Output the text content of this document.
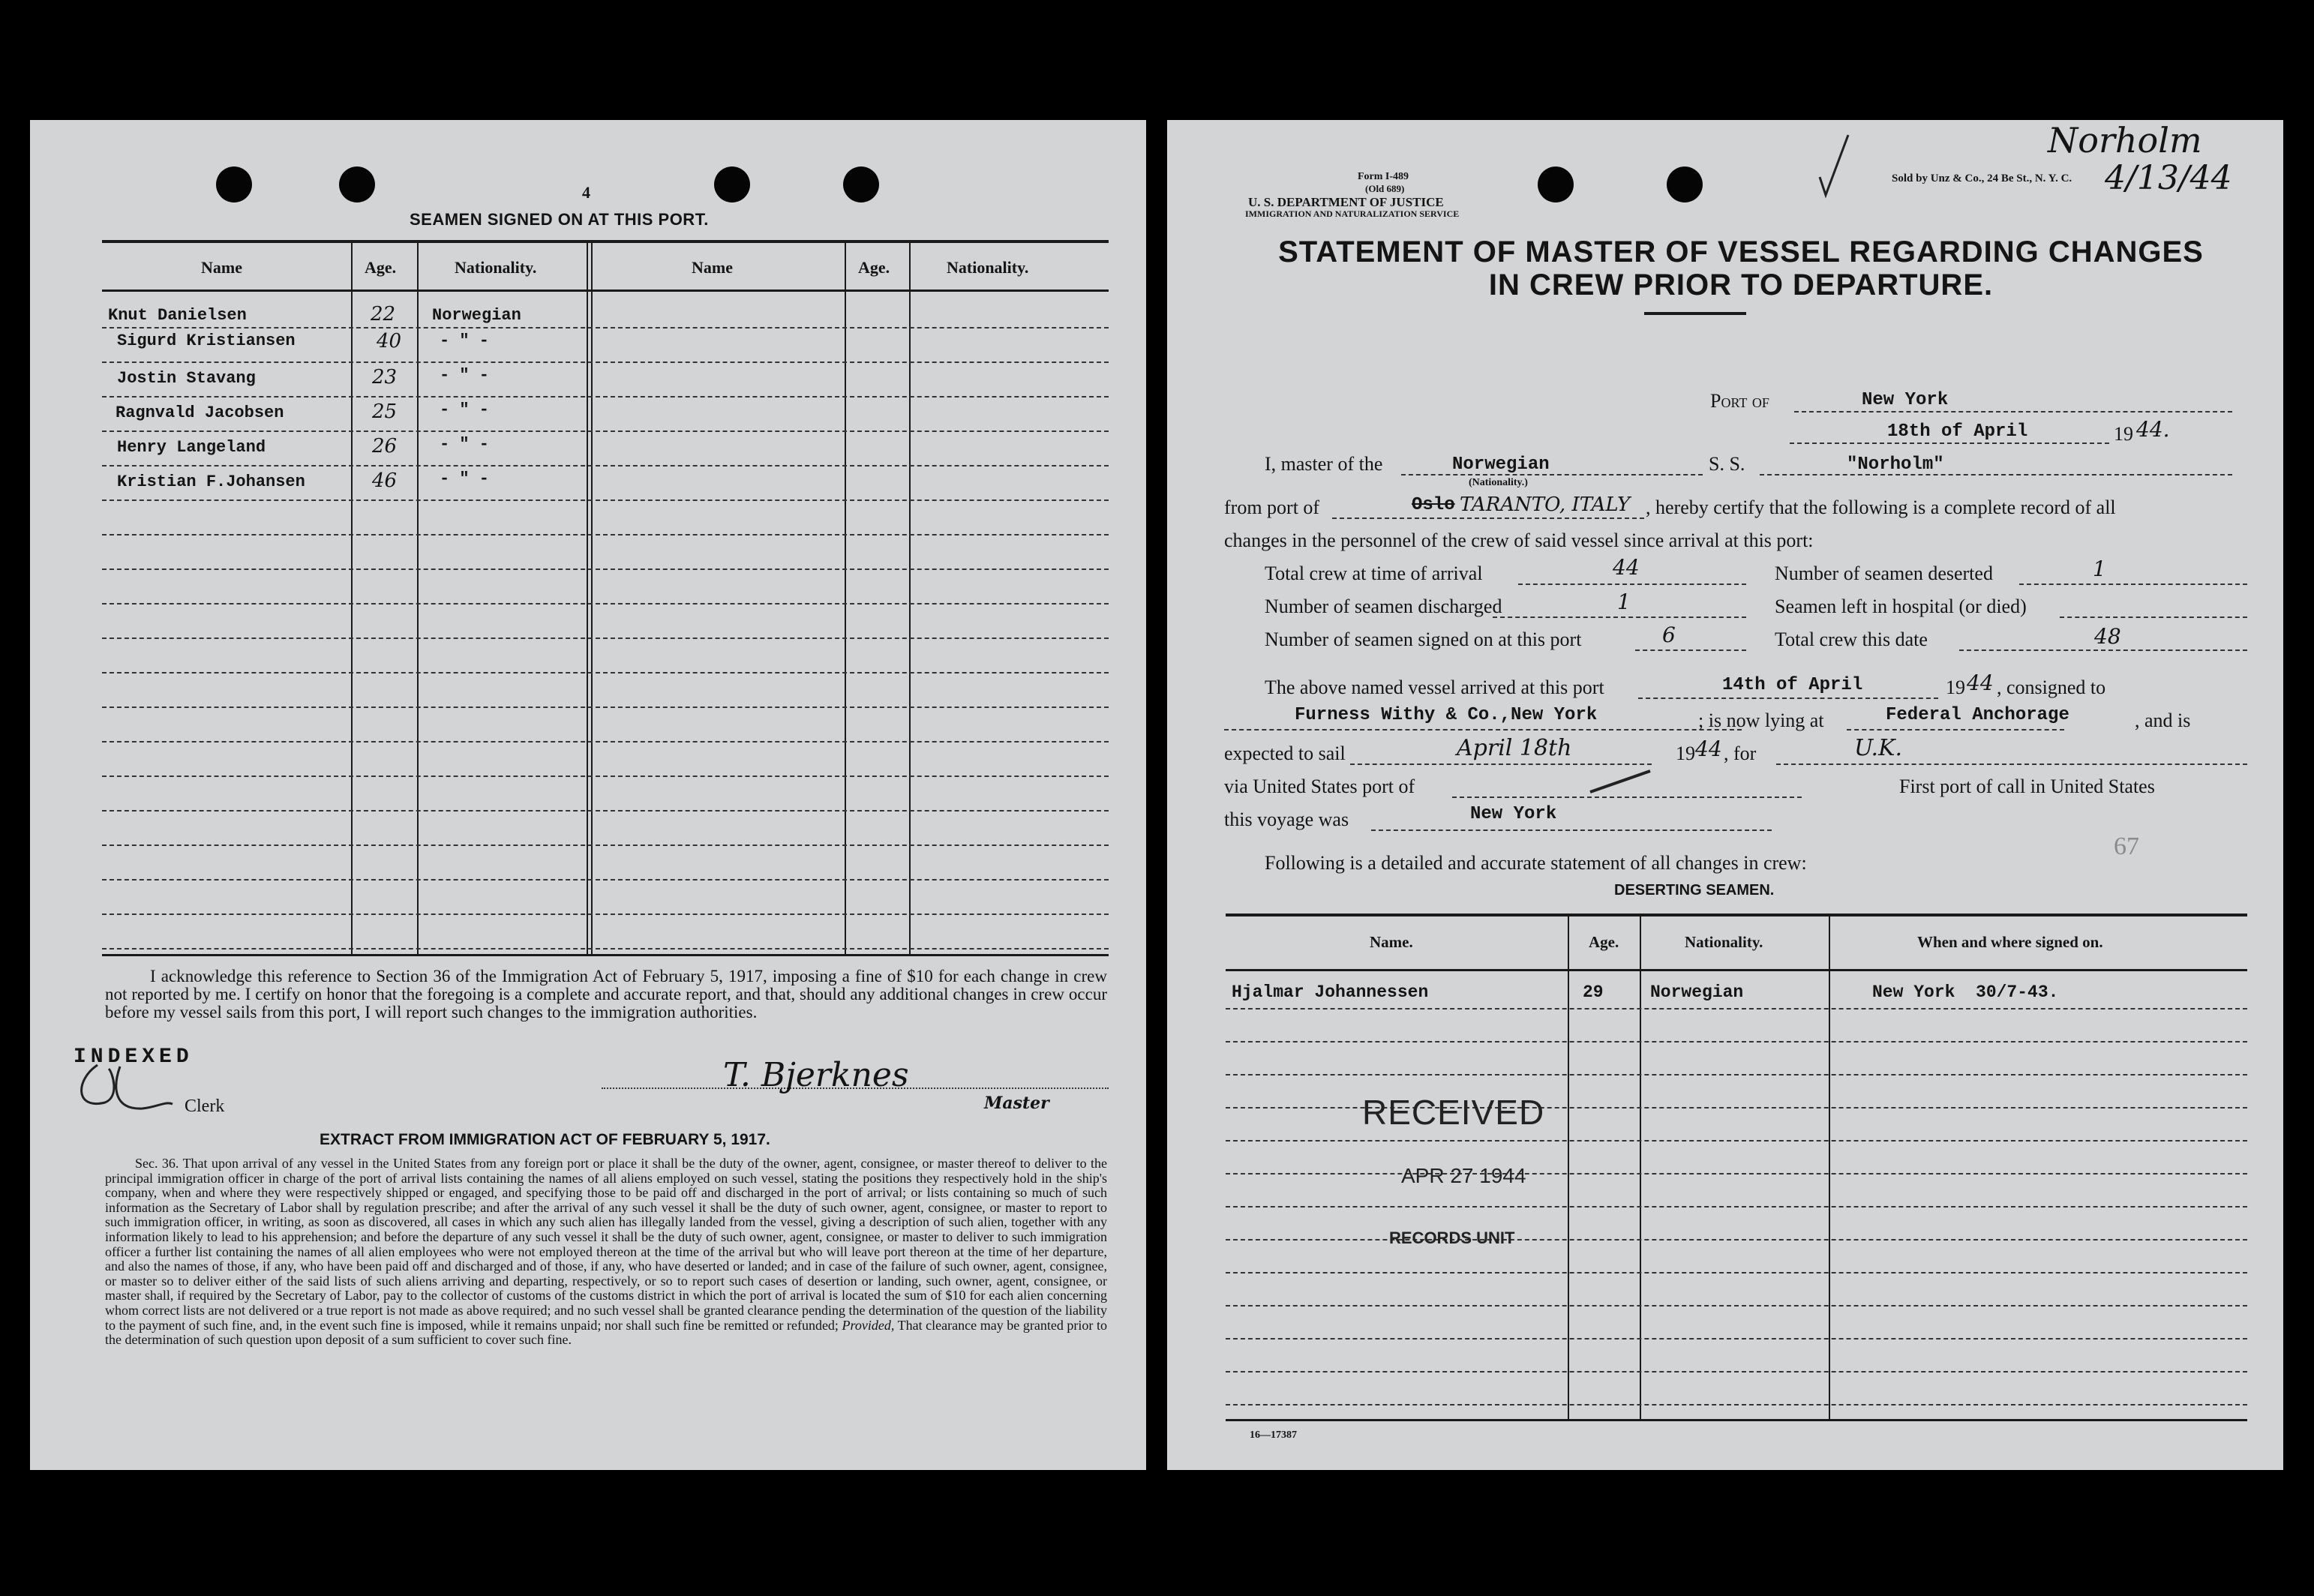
4
SEAMEN SIGNED ON AT THIS PORT.
Name	Age.	Nationality.	Name	Age.	Nationality.
Knut Danielsen	22 Norwegian
Sigurd Kristiansen	40 - " -
Jostin Stavang	23	- " -
Ragnvald Jacobsen	25	- " -
Henry Langeland	26	- " -
Kristian F.Johansen	46	- " -
I acknowledge this reference to Section 36 of the Immigration Act of February 5, 1917, imposing a fine of $10 for each change in crew not reported by me. I certify on honor that the foregoing is a complete and accurate report, and that, should any additional changes in crew occur before my vessel sails from this port, I will report such changes to the immigration authorities.
INDEXED
Clerk
T. Bjerknes
Master
EXTRACT FROM IMMIGRATION ACT OF FEBRUARY 5, 1917.
Sec. 36. That upon arrival of any vessel in the United States from any foreign port or place it shall be the duty of the owner, agent, consignee, or master thereof to deliver to the principal immigration officer in charge of the port of arrival lists containing the names of all aliens employed on such vessel, stating the positions they respectively hold in the ship's company, when and where they were respectively shipped or engaged, and specifying those to be paid off and discharged in the port of arrival; or lists containing so much of such information as the Secretary of Labor shall by regulation prescribe; and after the arrival of any such vessel it shall be the duty of such owner, agent, consignee, or master to report to such immigration officer, in writing, as soon as discovered, all cases in which any such alien has illegally landed from the vessel, giving a description of such alien, together with any information likely to lead to his apprehension; and before the departure of any such vessel it shall be the duty of such owner, agent, consignee, or master to deliver to such immigration officer a further list containing the names of all alien employees who were not employed thereon at the time of the arrival but who will leave port thereon at the time of her departure, and also the names of those, if any, who have been paid off and discharged and of those, if any, who have deserted or landed; and in case of the failure of such owner, agent, consignee, or master so to deliver either of the said lists of such aliens arriving and departing, respectively, or so to report such cases of desertion or landing, such owner, agent, consignee, or master shall, if required by the Secretary of Labor, pay to the collector of customs of the customs district in which the port of arrival is located the sum of $10 for each alien concerning whom correct lists are not delivered or a true report is not made as above required; and no such vessel shall be granted clearance pending the determination of the question of the liability to the payment of such fine, and, in the event such fine is imposed, while it remains unpaid; nor shall such fine be remitted or refunded; Provided, That clearance may be granted prior to the determination of such question upon deposit of a sum sufficient to cover such fine.
Form I-489
(Old 689)
U. S. DEPARTMENT OF JUSTICE
IMMIGRATION AND NATURALIZATION SERVICE
Sold by Unz & Co., 24 Be St., N. Y. C.
Norholm
4/13/44
STATEMENT OF MASTER OF VESSEL REGARDING CHANGES
IN CREW PRIOR TO DEPARTURE.
Port of	New York
18th of April	19 44.
I, master of the	Norwegian
(Nationality.)
S. S.	"Norholm"
from port of	Oslo TARANTO, ITALY , hereby certify that the following is a complete record of all
changes in the personnel of the crew of said vessel since arrival at this port:
Total crew at time of arrival	44	Number of seamen deserted	1
Number of seamen discharged	1	Seamen left in hospital (or died)
Number of seamen signed on at this port	6	Total crew this date	48
The above named vessel arrived at this port	14th of April	19 44 , consigned to
Furness Withy & Co.,New York	; is now lying at	Federal Anchorage	, and is
expected to sail	April 18th	19 44 , for	U.K.
via United States port of	First port of call in United States
this voyage was	New York
67
Following is a detailed and accurate statement of all changes in crew:
DESERTING SEAMEN.
Name.	Age.	Nationality.	When and where signed on.
Hjalmar Johannessen	29	Norwegian	New York  30/7-43.
RECEIVED
APR 27 1944
RECORDS UNIT
16—17387
